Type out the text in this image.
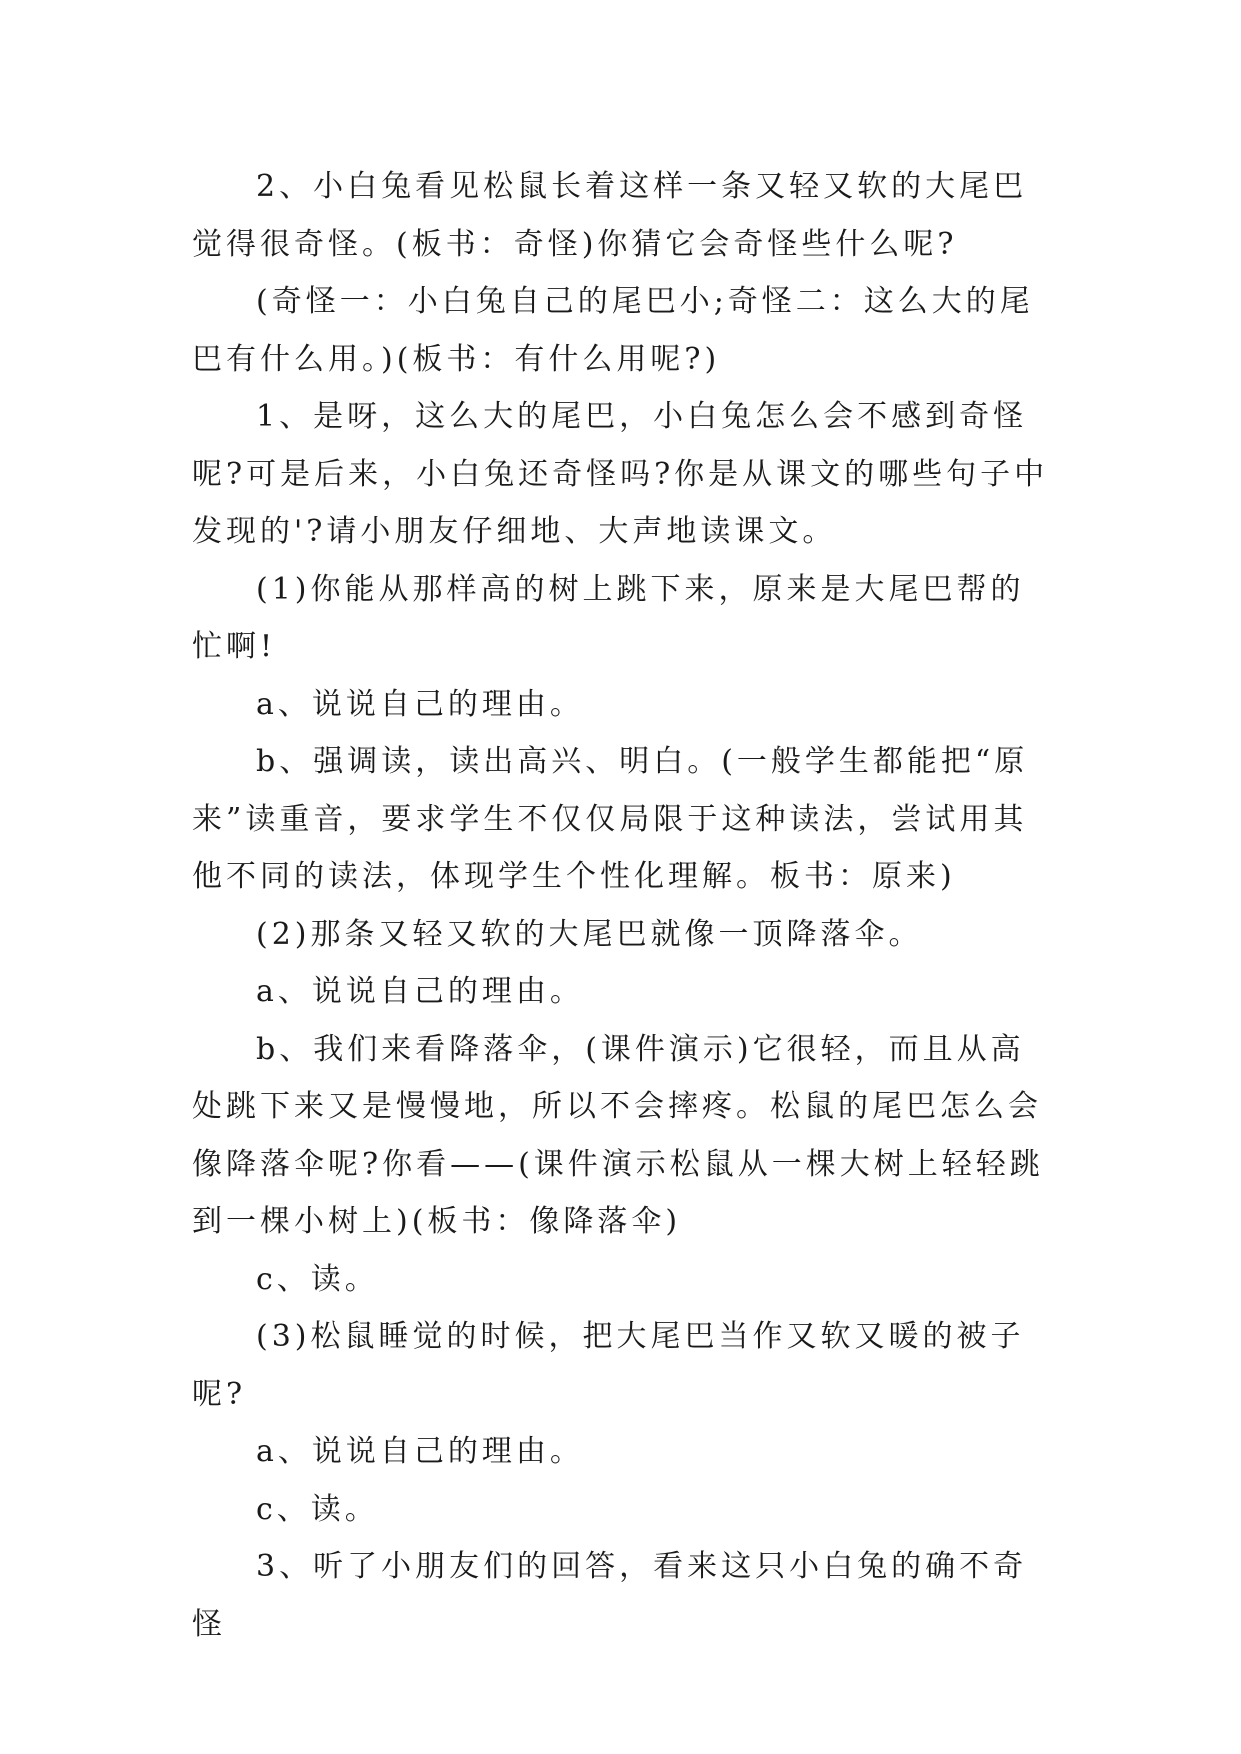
2、小白兔看见松鼠长着这样一条又轻又软的大尾巴觉得很奇怪。(板书：奇怪)你猜它会奇怪些什么呢?

(奇怪一：小白兔自己的尾巴小;奇怪二：这么大的尾巴有什么用。)(板书：有什么用呢?)

1、是呀，这么大的尾巴，小白兔怎么会不感到奇怪呢?可是后来，小白兔还奇怪吗?你是从课文的哪些句子中发现的'?请小朋友仔细地、大声地读课文。

(1)你能从那样高的树上跳下来，原来是大尾巴帮的忙啊!

a、说说自己的理由。

b、强调读，读出高兴、明白。(一般学生都能把“原来”读重音，要求学生不仅仅局限于这种读法，尝试用其他不同的读法，体现学生个性化理解。板书：原来)

(2)那条又轻又软的大尾巴就像一顶降落伞。

a、说说自己的理由。

b、我们来看降落伞，(课件演示)它很轻，而且从高处跳下来又是慢慢地，所以不会摔疼。松鼠的尾巴怎么会像降落伞呢?你看——(课件演示松鼠从一棵大树上轻轻跳到一棵小树上)(板书：像降落伞)

c、读。

(3)松鼠睡觉的时候，把大尾巴当作又软又暖的被子呢?

a、说说自己的理由。

c、读。

3、听了小朋友们的回答，看来这只小白兔的确不奇怪
